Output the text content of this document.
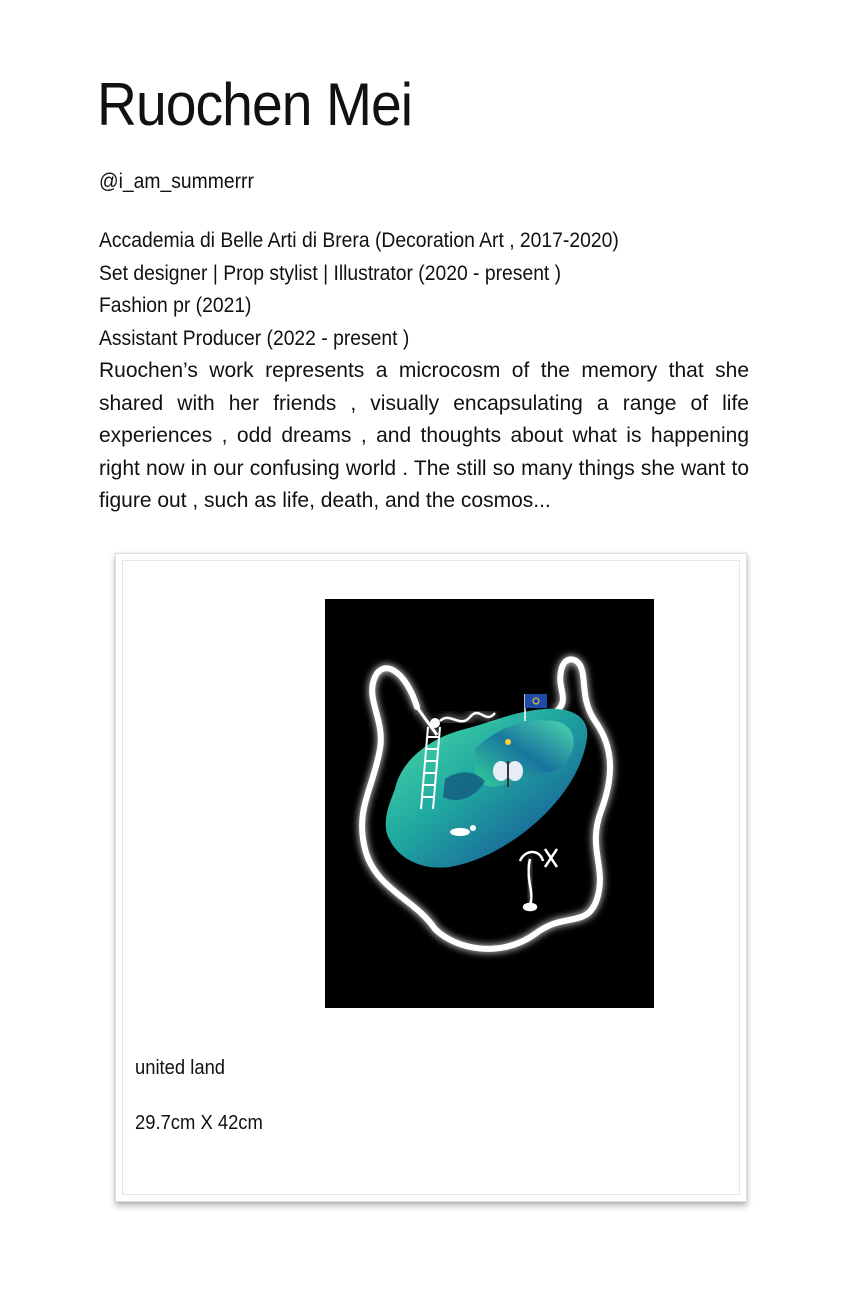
Ruochen Mei
@i_am_summerrr
Accademia di Belle Arti di Brera (Decoration Art , 2017-2020)
Set designer | Prop stylist | Illustrator (2020 - present )
Fashion pr (2021)
Assistant Producer (2022 - present )
Ruochen’s work represents a microcosm of the memory that she shared with her friends , visually encapsulating a range of life experiences , odd dreams , and thoughts about what is happening right now in our confusing world . The still so many things she want to figure out , such as life, death, and the cosmos...
united land
29.7cm X 42cm
